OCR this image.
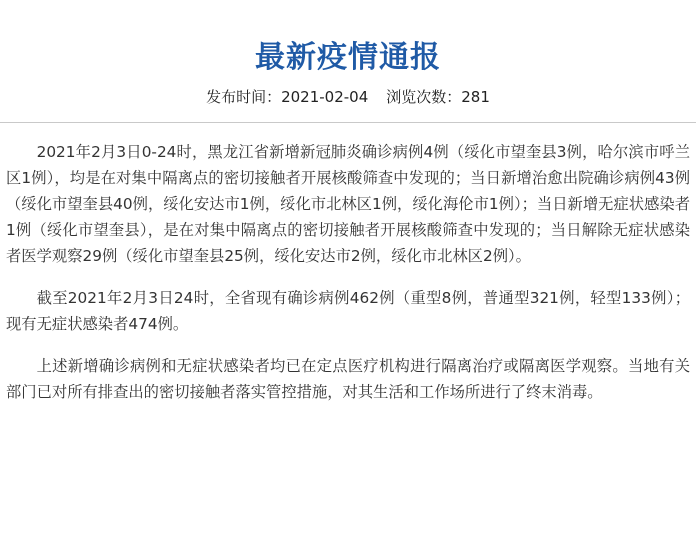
最新疫情通报
发布时间：2021-02-04 浏览次数：281

2021年2月3日0-24时，黑龙江省新增新冠肺炎确诊病例4例（绥化市望奎县3例，哈尔滨市呼兰区1例），均是在对集中隔离点的密切接触者开展核酸筛查中发现的；当日新增治愈出院确诊病例43例（绥化市望奎县40例，绥化安达市1例，绥化市北林区1例，绥化海伦市1例）；当日新增无症状感染者1例（绥化市望奎县），是在对集中隔离点的密切接触者开展核酸筛查中发现的；当日解除无症状感染者医学观察29例（绥化市望奎县25例，绥化安达市2例，绥化市北林区2例）。

截至2021年2月3日24时，全省现有确诊病例462例（重型8例，普通型321例，轻型133例）；现有无症状感染者474例。

上述新增确诊病例和无症状感染者均已在定点医疗机构进行隔离治疗或隔离医学观察。当地有关部门已对所有排查出的密切接触者落实管控措施，对其生活和工作场所进行了终末消毒。
